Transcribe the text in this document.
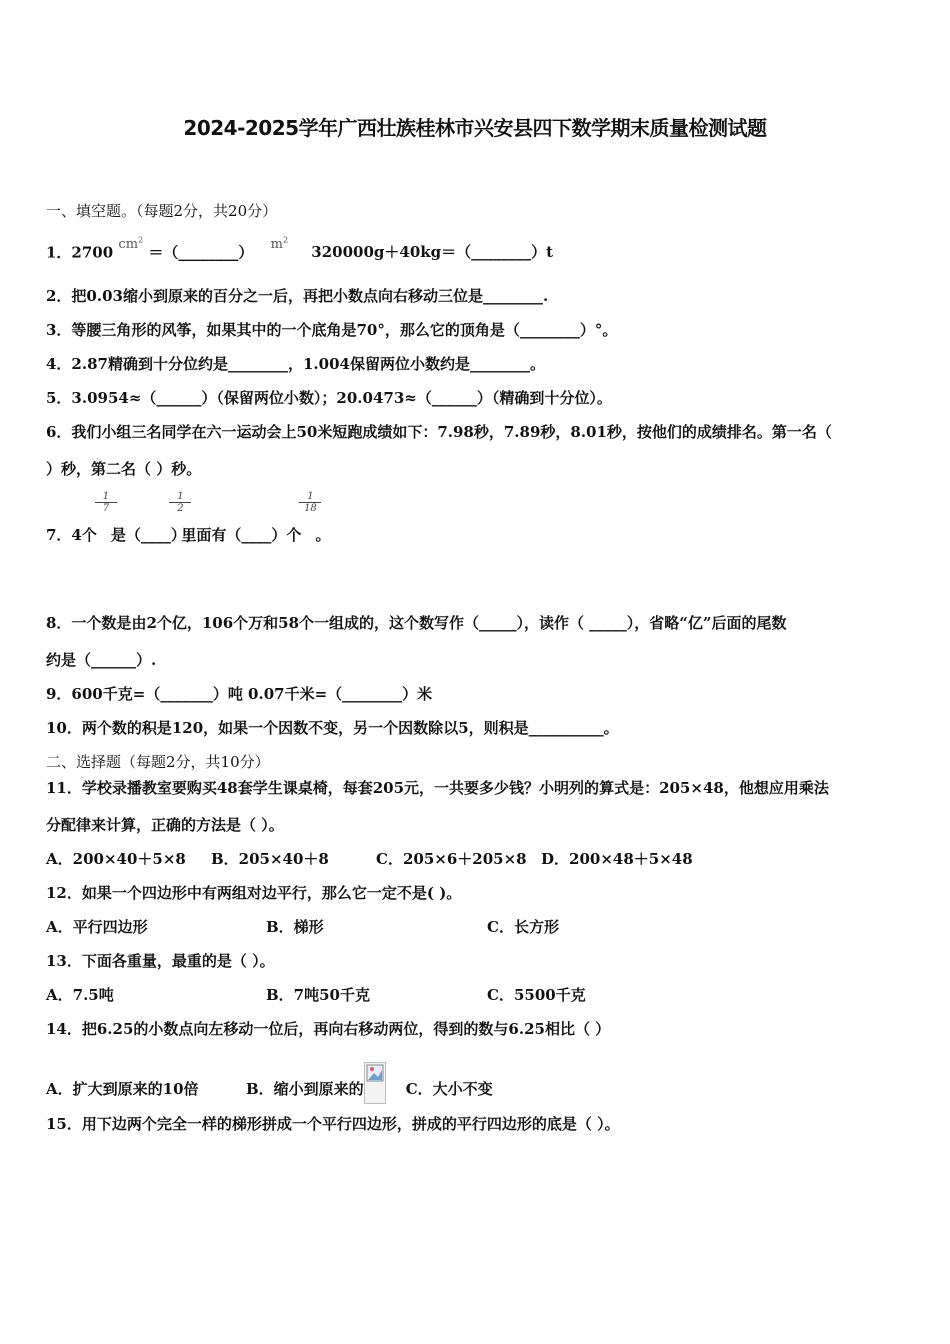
2024-2025学年广西壮族桂林市兴安县四下数学期末质量检测试题
一、填空题。（每题2分，共20分）
1．2700 $cm^2$ ＝（________） $m^2$ 320000g＋40kg＝（________）t
2．把0.03缩小到原来的百分之一后，再把小数点向右移动三位是________.
3．等腰三角形的风筝，如果其中的一个底角是70°，那么它的顶角是（________）°。
4．2.87精确到十分位约是________，1.004保留两位小数约是________。
5．3.0954≈（______）（保留两位小数）；20.0473≈（______）（精确到十分位）。
6．我们小组三名同学在六一运动会上50米短跑成绩如下：7.98秒，7.89秒，8.01秒，按他们的成绩排名。第一名（
）秒，第二名（ ）秒。
7．4个
1
7
是（____）;
1
2
里面有（____）个
1
18
。
8．一个数是由2个亿，106个万和58个一组成的，这个数写作（_____），读作（ _____），省略“亿”后面的尾数
约是（______）.
9．600千克=（_______）吨 0.07千米=（________）米
10．两个数的积是120，如果一个因数不变，另一个因数除以5，则积是__________。
二、选择题（每题2分，共10分）
11．学校录播教室要购买48套学生课桌椅，每套205元，一共要多少钱？小明列的算式是：205×48，他想应用乘法
分配律来计算，正确的方法是（ ）。
A．200×40＋5×8 B．205×40＋8	C．205×6＋205×8 D．200×48＋5×48
12．如果一个四边形中有两组对边平行，那么它一定不是( )。
A．平行四边形	B．梯形	C．长方形
13．下面各重量，最重的是（ ）。
A．7.5吨	B．7吨50千克	C．5500千克
14．把6.25的小数点向左移动一位后，再向右移动两位，得到的数与6.25相比（ ）
A．扩大到原来的10倍	B．缩小到原来的	C．大小不变
15．用下边两个完全一样的梯形拼成一个平行四边形，拼成的平行四边形的底是（ ）。
